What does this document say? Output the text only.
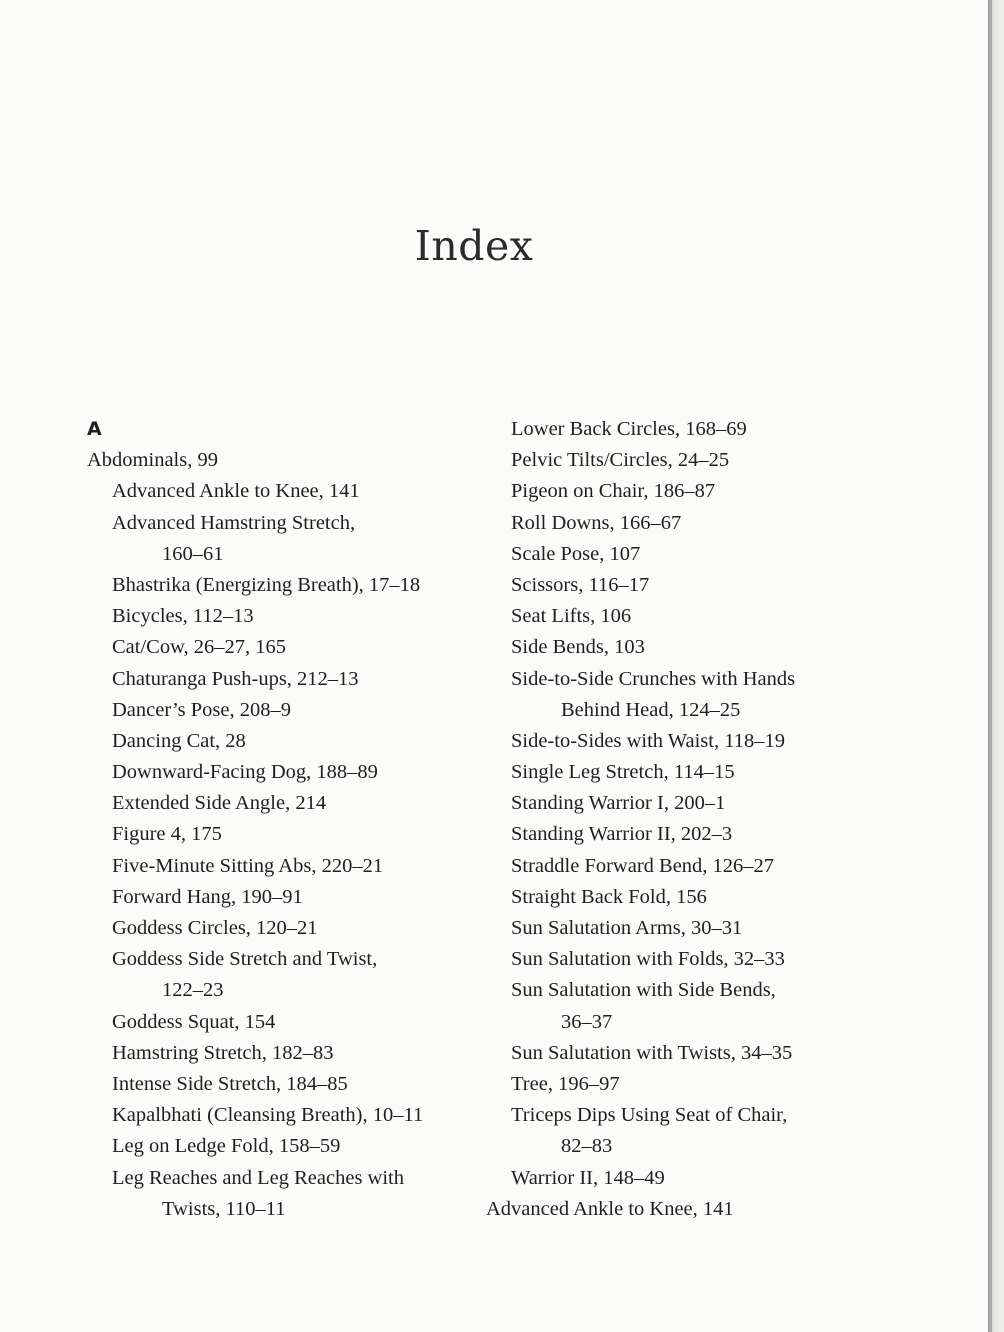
Index
A
Abdominals, 99
Advanced Ankle to Knee, 141
Advanced Hamstring Stretch,
160–61
Bhastrika (Energizing Breath), 17–18
Bicycles, 112–13
Cat/Cow, 26–27, 165
Chaturanga Push-ups, 212–13
Dancer’s Pose, 208–9
Dancing Cat, 28
Downward-Facing Dog, 188–89
Extended Side Angle, 214
Figure 4, 175
Five-Minute Sitting Abs, 220–21
Forward Hang, 190–91
Goddess Circles, 120–21
Goddess Side Stretch and Twist,
122–23
Goddess Squat, 154
Hamstring Stretch, 182–83
Intense Side Stretch, 184–85
Kapalbhati (Cleansing Breath), 10–11
Leg on Ledge Fold, 158–59
Leg Reaches and Leg Reaches with
Twists, 110–11
Lower Back Circles, 168–69
Pelvic Tilts/Circles, 24–25
Pigeon on Chair, 186–87
Roll Downs, 166–67
Scale Pose, 107
Scissors, 116–17
Seat Lifts, 106
Side Bends, 103
Side-to-Side Crunches with Hands
Behind Head, 124–25
Side-to-Sides with Waist, 118–19
Single Leg Stretch, 114–15
Standing Warrior I, 200–1
Standing Warrior II, 202–3
Straddle Forward Bend, 126–27
Straight Back Fold, 156
Sun Salutation Arms, 30–31
Sun Salutation with Folds, 32–33
Sun Salutation with Side Bends,
36–37
Sun Salutation with Twists, 34–35
Tree, 196–97
Triceps Dips Using Seat of Chair,
82–83
Warrior II, 148–49
Advanced Ankle to Knee, 141
